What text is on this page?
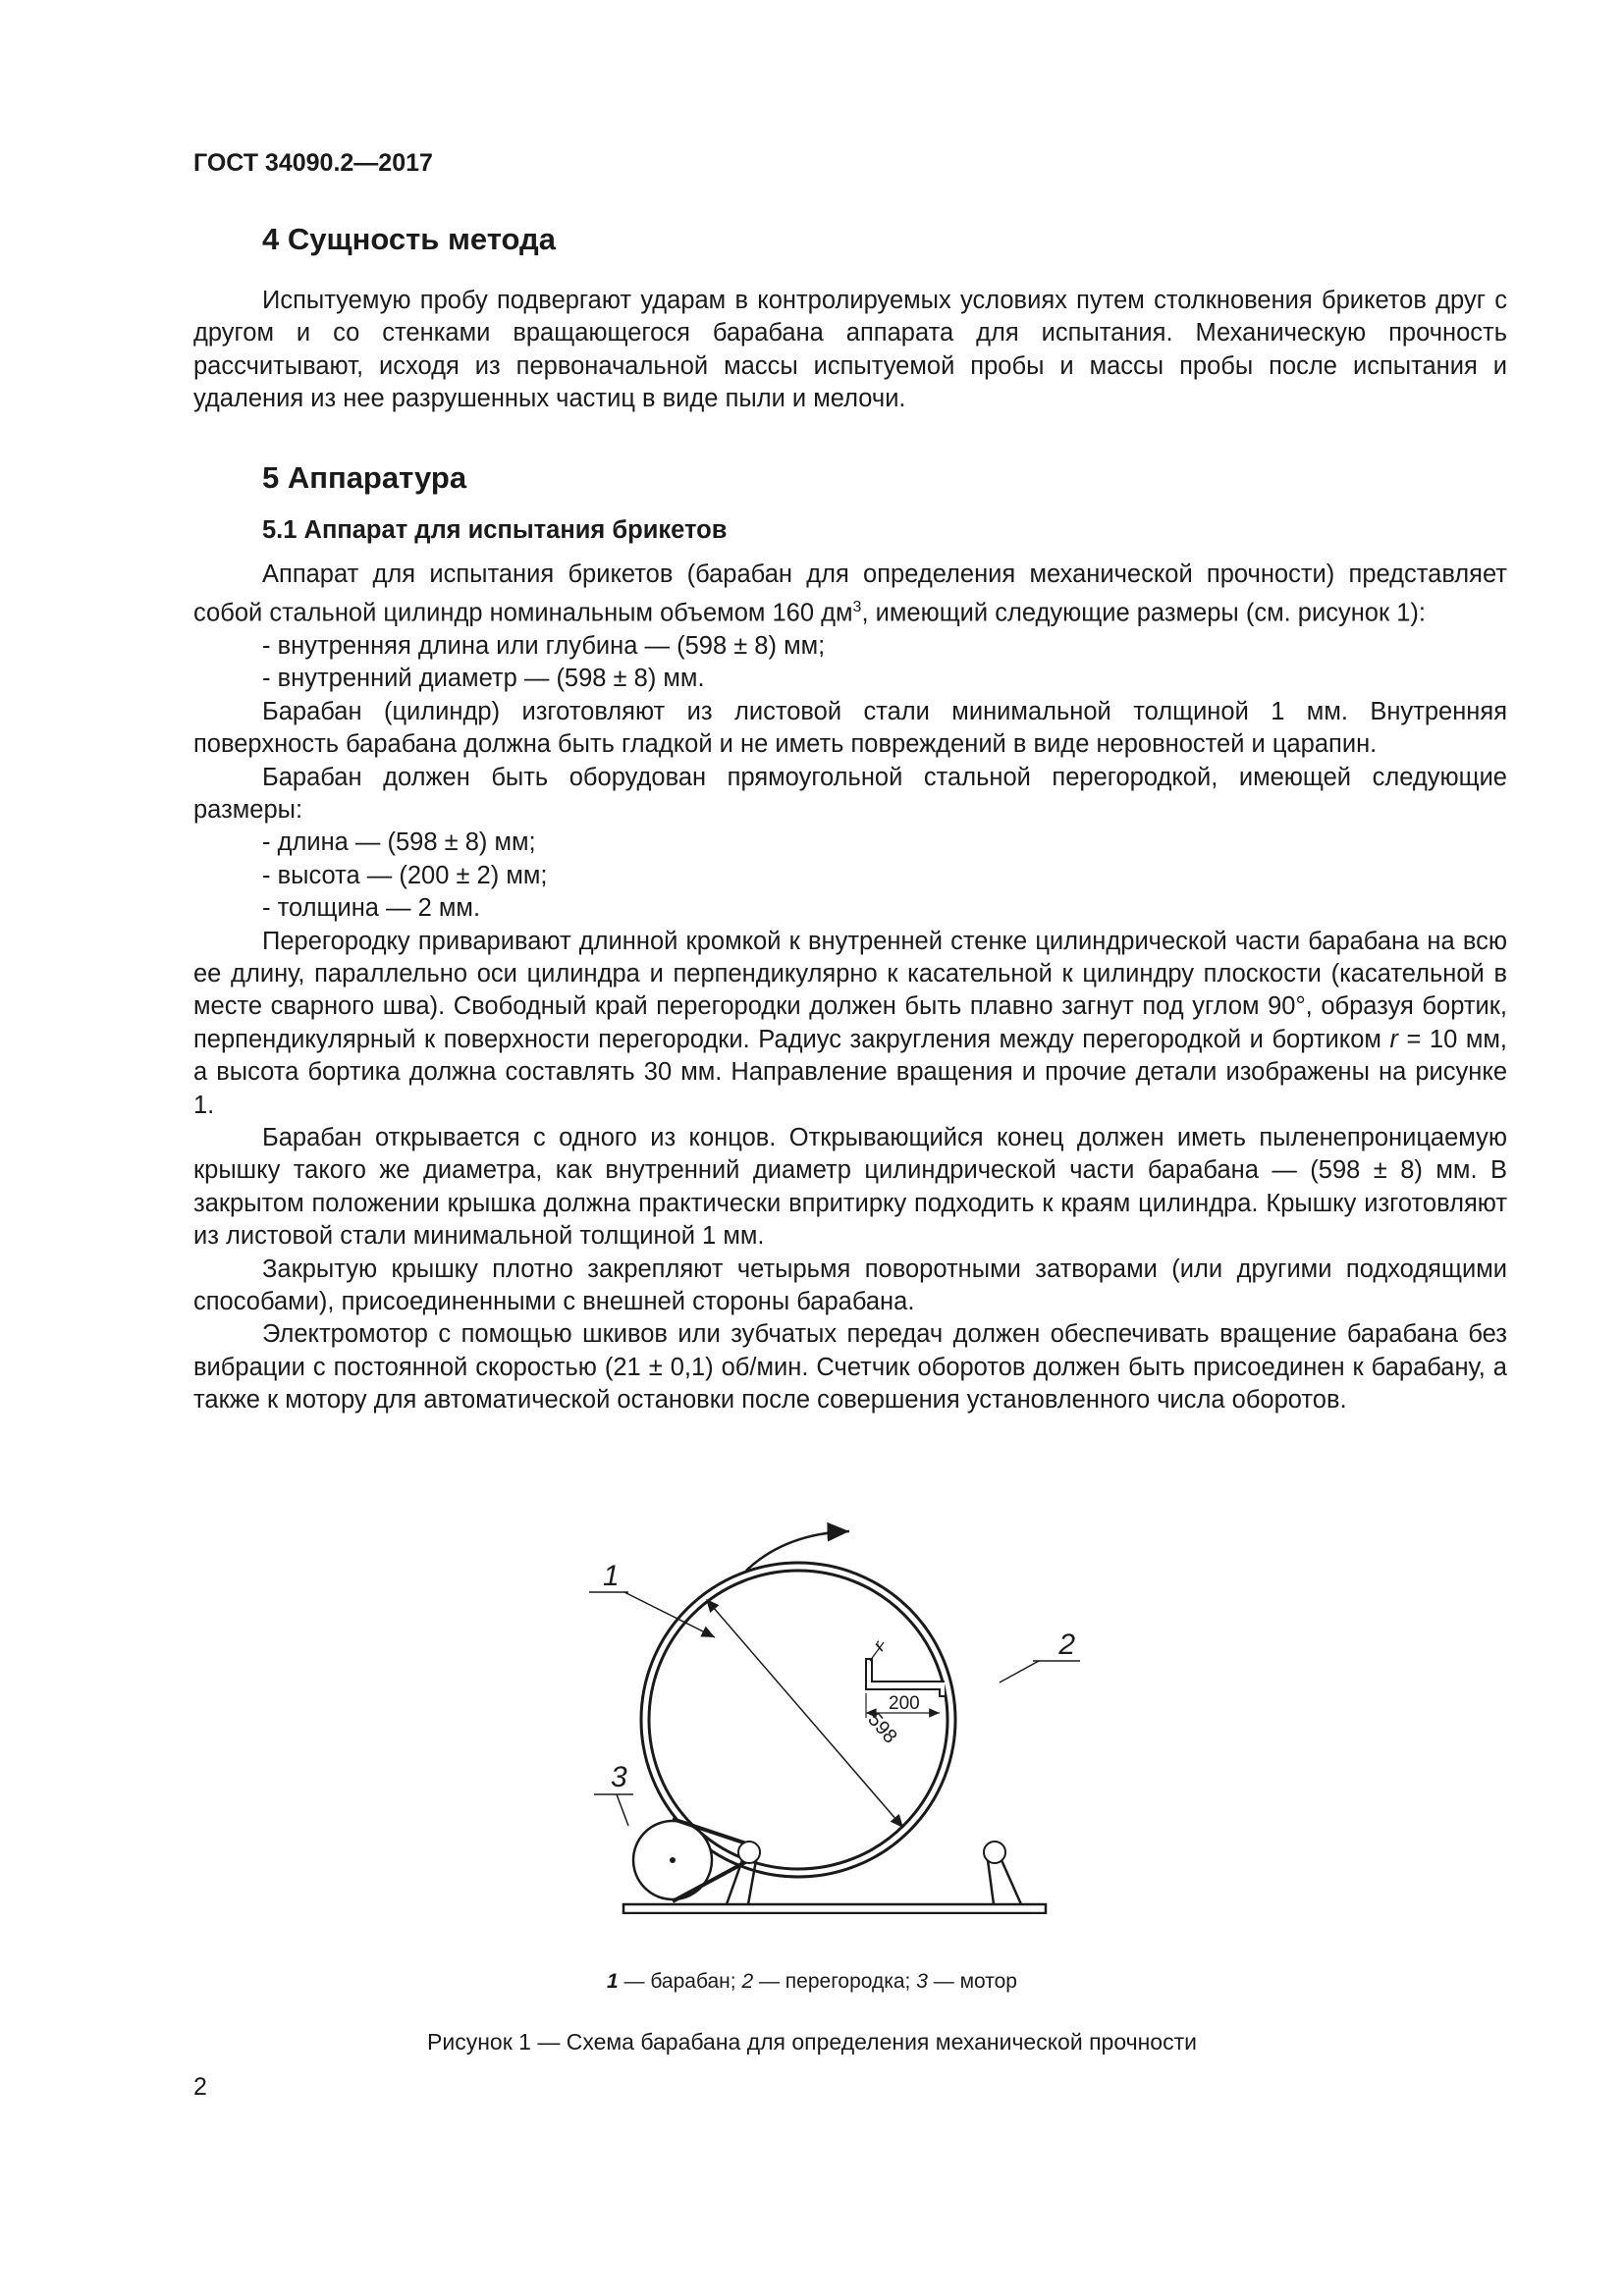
ГОСТ 34090.2—2017
4 Сущность метода

Испытуемую пробу подвергают ударам в контролируемых условиях путем столкновения брикетов друг с другом и со стенками вращающегося барабана аппарата для испытания. Механическую прочность рассчитывают, исходя из первоначальной массы испытуемой пробы и массы пробы после испытания и удаления из нее разрушенных частиц в виде пыли и мелочи.

5 Аппаратура
5.1 Аппарат для испытания брикетов

Аппарат для испытания брикетов (барабан для определения механической прочности) представляет собой стальной цилиндр номинальным объемом 160 $дм^3$, имеющий следующие размеры (см. рисунок 1):

- внутренняя длина или глубина — (598 ± 8) мм;
- внутренний диаметр — (598 ± 8) мм.

Барабан (цилиндр) изготовляют из листовой стали минимальной толщиной 1 мм. Внутренняя поверхность барабана должна быть гладкой и не иметь повреждений в виде неровностей и царапин.

Барабан должен быть оборудован прямоугольной стальной перегородкой, имеющей следующие размеры:

- длина — (598 ± 8) мм;
- высота — (200 ± 2) мм;
- толщина — 2 мм.

Перегородку приваривают длинной кромкой к внутренней стенке цилиндрической части барабана на всю ее длину, параллельно оси цилиндра и перпендикулярно к касательной к цилиндру плоскости (касательной в месте сварного шва). Свободный край перегородки должен быть плавно загнут под углом 90°, образуя бортик, перпендикулярный к поверхности перегородки. Радиус закругления между перегородкой и бортиком r = 10 мм, а высота бортика должна составлять 30 мм. Направление вращения и прочие детали изображены на рисунке 1.

Барабан открывается с одного из концов. Открывающийся конец должен иметь пыленепроницаемую крышку такого же диаметра, как внутренний диаметр цилиндрической части барабана — (598 ± 8) мм. В закрытом положении крышка должна практически впритирку подходить к краям цилиндра. Крышку изготовляют из листовой стали минимальной толщиной 1 мм.

Закрытую крышку плотно закрепляют четырьмя поворотными затворами (или другими подходящими способами), присоединенными с внешней стороны барабана.

Электромотор с помощью шкивов или зубчатых передач должен обеспечивать вращение барабана без вибрации с постоянной скоростью (21 ± 0,1) об/мин. Счетчик оборотов должен быть присоединен к барабану, а также к мотору для автоматической остановки после совершения установленного числа оборотов.

598
200
r	2
1
3
1 — барабан; 2 — перегородка; 3 — мотор
Рисунок 1 — Схема барабана для определения механической прочности
2
